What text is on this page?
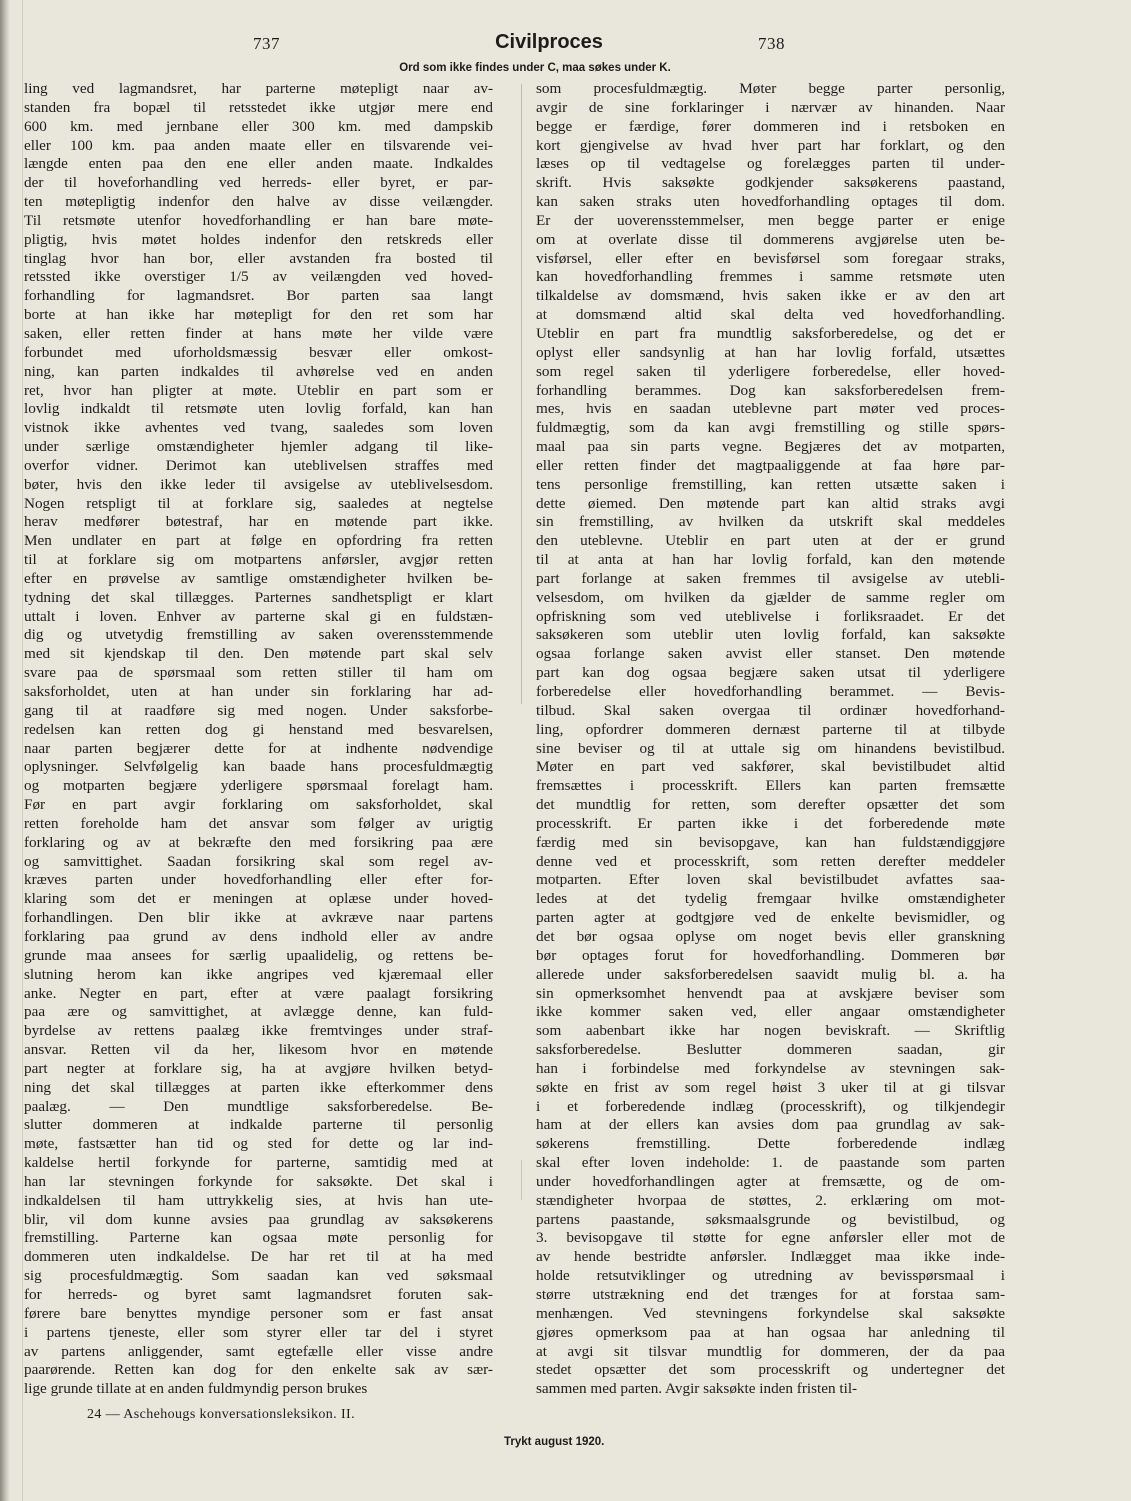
737	Civilproces	738
Ord som ikke findes under C, maa søkes under K.

ling ved lagmandsret, har parterne møtepligt naar av-

standen fra bopæl til retsstedet ikke utgjør mere end

600 km. med jernbane eller 300 km. med dampskib

eller 100 km. paa anden maate eller en tilsvarende vei-

længde enten paa den ene eller anden maate. Indkaldes

der til hoveforhandling ved herreds- eller byret, er par-

ten møtepligtig indenfor den halve av disse veilængder.

Til retsmøte utenfor hovedforhandling er han bare møte-

pligtig, hvis møtet holdes indenfor den retskreds eller

tinglag hvor han bor, eller avstanden fra bosted til

retssted ikke overstiger 1/5 av veilængden ved hoved-

forhandling for lagmandsret. Bor parten saa langt

borte at han ikke har møtepligt for den ret som har

saken, eller retten finder at hans møte her vilde være

forbundet med uforholdsmæssig besvær eller omkost-

ning, kan parten indkaldes til avhørelse ved en anden

ret, hvor han pligter at møte. Uteblir en part som er

lovlig indkaldt til retsmøte uten lovlig forfald, kan han

vistnok ikke avhentes ved tvang, saaledes som loven

under særlige omstændigheter hjemler adgang til like-

overfor vidner. Derimot kan uteblivelsen straffes med

bøter, hvis den ikke leder til avsigelse av uteblivelsesdom.

Nogen retspligt til at forklare sig, saaledes at negtelse

herav medfører bøtestraf, har en møtende part ikke.

Men undlater en part at følge en opfordring fra retten

til at forklare sig om motpartens anførsler, avgjør retten

efter en prøvelse av samtlige omstændigheter hvilken be-

tydning det skal tillægges. Parternes sandhetspligt er klart

uttalt i loven. Enhver av parterne skal gi en fuldstæn-

dig og utvetydig fremstilling av saken overensstemmende

med sit kjendskap til den. Den møtende part skal selv

svare paa de spørsmaal som retten stiller til ham om

saksforholdet, uten at han under sin forklaring har ad-

gang til at raadføre sig med nogen. Under saksforbe-

redelsen kan retten dog gi henstand med besvarelsen,

naar parten begjærer dette for at indhente nødvendige

oplysninger. Selvfølgelig kan baade hans procesfuldmægtig

og motparten begjære yderligere spørsmaal forelagt ham.

Før en part avgir forklaring om saksforholdet, skal

retten foreholde ham det ansvar som følger av urigtig

forklaring og av at bekræfte den med forsikring paa ære

og samvittighet. Saadan forsikring skal som regel av-

kræves parten under hovedforhandling eller efter for-

klaring som det er meningen at oplæse under hoved-

forhandlingen. Den blir ikke at avkræve naar partens

forklaring paa grund av dens indhold eller av andre

grunde maa ansees for særlig upaalidelig, og rettens be-

slutning herom kan ikke angripes ved kjæremaal eller

anke. Negter en part, efter at være paalagt forsikring

paa ære og samvittighet, at avlægge denne, kan fuld-

byrdelse av rettens paalæg ikke fremtvinges under straf-

ansvar. Retten vil da her, likesom hvor en møtende

part negter at forklare sig, ha at avgjøre hvilken betyd-

ning det skal tillægges at parten ikke efterkommer dens

paalæg. — Den mundtlige saksforberedelse. Be-

slutter dommeren at indkalde parterne til personlig

møte, fastsætter han tid og sted for dette og lar ind-

kaldelse hertil forkynde for parterne, samtidig med at

han lar stevningen forkynde for saksøkte. Det skal i

indkaldelsen til ham uttrykkelig sies, at hvis han ute-

blir, vil dom kunne avsies paa grundlag av saksøkerens

fremstilling. Parterne kan ogsaa møte personlig for

dommeren uten indkaldelse. De har ret til at ha med

sig procesfuldmægtig. Som saadan kan ved søksmaal

for herreds- og byret samt lagmandsret foruten sak-

førere bare benyttes myndige personer som er fast ansat

i partens tjeneste, eller som styrer eller tar del i styret

av partens anliggender, samt egtefælle eller visse andre

paarørende. Retten kan dog for den enkelte sak av sær-

lige grunde tillate at en anden fuldmyndig person brukes

som procesfuldmægtig. Møter begge parter personlig,

avgir de sine forklaringer i nærvær av hinanden. Naar

begge er færdige, fører dommeren ind i retsboken en

kort gjengivelse av hvad hver part har forklart, og den

læses op til vedtagelse og forelægges parten til under-

skrift. Hvis saksøkte godkjender saksøkerens paastand,

kan saken straks uten hovedforhandling optages til dom.

Er der uoverensstemmelser, men begge parter er enige

om at overlate disse til dommerens avgjørelse uten be-

visførsel, eller efter en bevisførsel som foregaar straks,

kan hovedforhandling fremmes i samme retsmøte uten

tilkaldelse av domsmænd, hvis saken ikke er av den art

at domsmænd altid skal delta ved hovedforhandling.

Uteblir en part fra mundtlig saksforberedelse, og det er

oplyst eller sandsynlig at han har lovlig forfald, utsættes

som regel saken til yderligere forberedelse, eller hoved-

forhandling berammes. Dog kan saksforberedelsen frem-

mes, hvis en saadan uteblevne part møter ved proces-

fuldmægtig, som da kan avgi fremstilling og stille spørs-

maal paa sin parts vegne. Begjæres det av motparten,

eller retten finder det magtpaaliggende at faa høre par-

tens personlige fremstilling, kan retten utsætte saken i

dette øiemed. Den møtende part kan altid straks avgi

sin fremstilling, av hvilken da utskrift skal meddeles

den uteblevne. Uteblir en part uten at der er grund

til at anta at han har lovlig forfald, kan den møtende

part forlange at saken fremmes til avsigelse av utebli-

velsesdom, om hvilken da gjælder de samme regler om

opfriskning som ved uteblivelse i forliksraadet. Er det

saksøkeren som uteblir uten lovlig forfald, kan saksøkte

ogsaa forlange saken avvist eller stanset. Den møtende

part kan dog ogsaa begjære saken utsat til yderligere

forberedelse eller hovedforhandling berammet. — Bevis-

tilbud. Skal saken overgaa til ordinær hovedforhand-

ling, opfordrer dommeren dernæst parterne til at tilbyde

sine beviser og til at uttale sig om hinandens bevistilbud.

Møter en part ved sakfører, skal bevistilbudet altid

fremsættes i processkrift. Ellers kan parten fremsætte

det mundtlig for retten, som derefter opsætter det som

processkrift. Er parten ikke i det forberedende møte

færdig med sin bevisopgave, kan han fuldstændiggjøre

denne ved et processkrift, som retten derefter meddeler

motparten. Efter loven skal bevistilbudet avfattes saa-

ledes at det tydelig fremgaar hvilke omstændigheter

parten agter at godtgjøre ved de enkelte bevismidler, og

det bør ogsaa oplyse om noget bevis eller granskning

bør optages forut for hovedforhandling. Dommeren bør

allerede under saksforberedelsen saavidt mulig bl. a. ha

sin opmerksomhet henvendt paa at avskjære beviser som

ikke kommer saken ved, eller angaar omstændigheter

som aabenbart ikke har nogen beviskraft. — Skriftlig

saksforberedelse. Beslutter dommeren saadan, gir

han i forbindelse med forkyndelse av stevningen sak-

søkte en frist av som regel høist 3 uker til at gi tilsvar

i et forberedende indlæg (processkrift), og tilkjendegir

ham at der ellers kan avsies dom paa grundlag av sak-

søkerens fremstilling. Dette forberedende indlæg

skal efter loven indeholde: 1. de paastande som parten

under hovedforhandlingen agter at fremsætte, og de om-

stændigheter hvorpaa de støttes, 2. erklæring om mot-

partens paastande, søksmaalsgrunde og bevistilbud, og

3. bevisopgave til støtte for egne anførsler eller mot de

av hende bestridte anførsler. Indlægget maa ikke inde-

holde retsutviklinger og utredning av bevisspørsmaal i

større utstrækning end det trænges for at forstaa sam-

menhængen. Ved stevningens forkyndelse skal saksøkte

gjøres opmerksom paa at han ogsaa har anledning til

at avgi sit tilsvar mundtlig for dommeren, der da paa

stedet opsætter det som processkrift og undertegner det

sammen med parten. Avgir saksøkte inden fristen til-

24 — Aschehougs konversationsleksikon. II.
Trykt august 1920.
